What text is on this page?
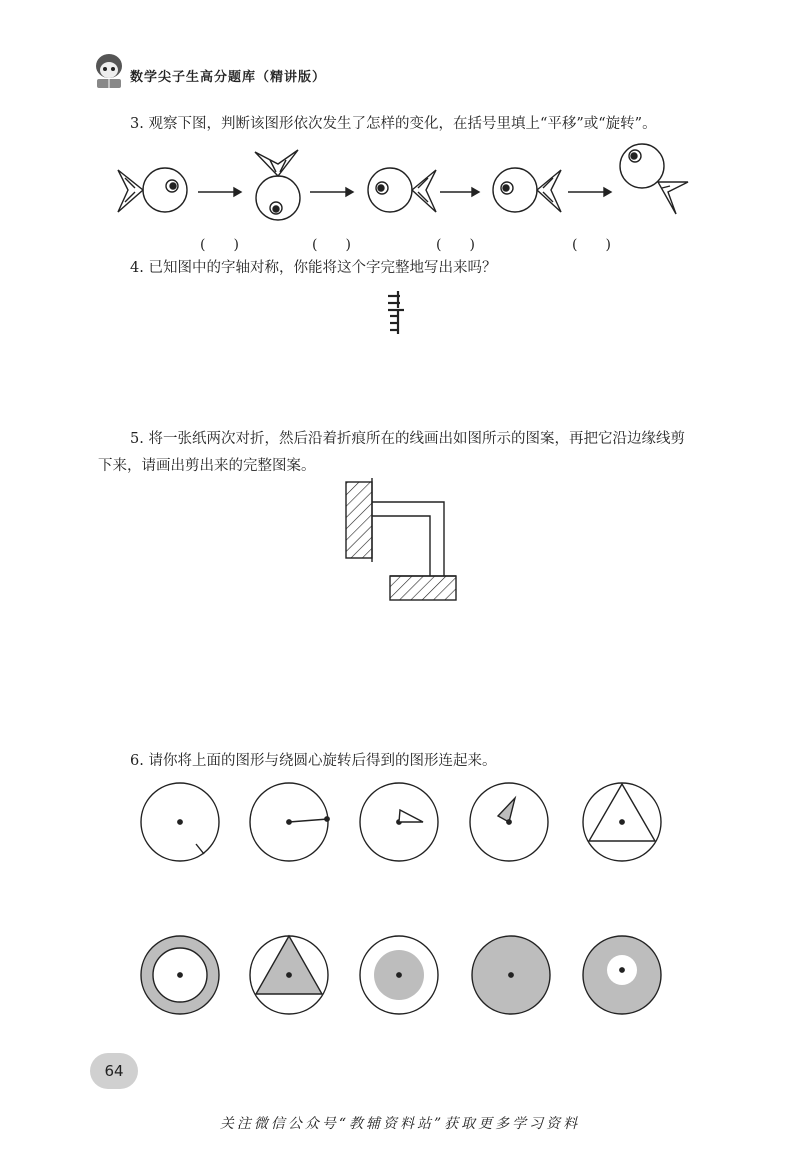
数学尖子生高分题库（精讲版）
3. 观察下图，判断该图形依次发生了怎样的变化，在括号里填上“平移”或“旋转”。
(　　)	(　　)	(　　)	(　　)
4. 已知图中的字轴对称，你能将这个字完整地写出来吗？
5. 将一张纸两次对折，然后沿着折痕所在的线画出如图所示的图案，再把它沿边缘线剪
下来，请画出剪出来的完整图案。
6. 请你将上面的图形与绕圆心旋转后得到的图形连起来。
64
关注微信公众号“教辅资料站”获取更多学习资料
